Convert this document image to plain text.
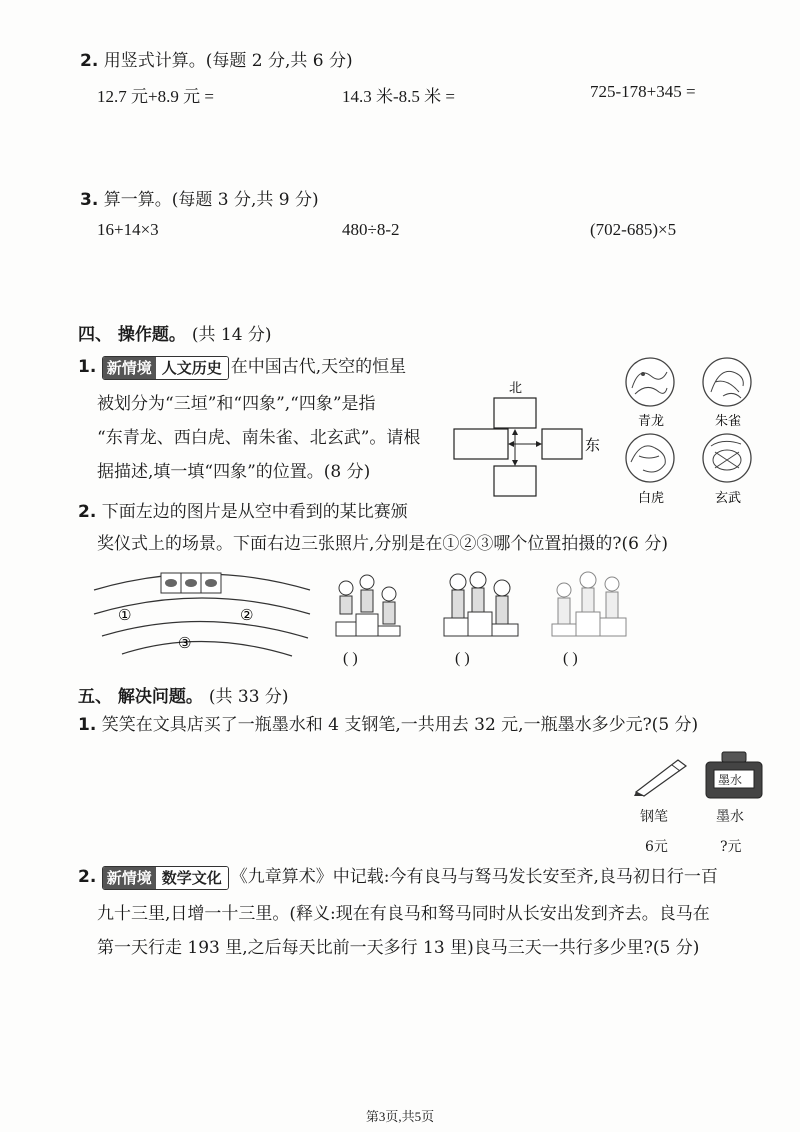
2. 用竖式计算。(每题 2 分,共 6 分)
12.7 元+8.9 元 =	14.3 米-8.5 米 =	725-178+345 =
3. 算一算。(每题 3 分,共 9 分)
16+14×3	480÷8-2	(702-685)×5
四、 操作题。 (共 14 分)
1. 新情境 人文历史 在中国古代,天空的恒星
被划分为“三垣”和“四象”,“四象”是指
“东青龙、西白虎、南朱雀、北玄武”。请根
据描述,填一填“四象”的位置。(8 分)
北
东
青龙	朱雀
白虎	玄武
2. 下面左边的图片是从空中看到的某比赛颁
奖仪式上的场景。下面右边三张照片,分别是在①②③哪个位置拍摄的?(6 分)
①	②
③
( )	( )	( )
五、 解决问题。 (共 33 分)
1. 笑笑在文具店买了一瓶墨水和 4 支钢笔,一共用去 32 元,一瓶墨水多少元?(5 分)
墨水
钢笔	墨水
6元	?元
2. 新情境 数学文化 《九章算术》中记载:今有良马与驽马发长安至齐,良马初日行一百
九十三里,日增一十三里。(释义:现在有良马和驽马同时从长安出发到齐去。良马在
第一天行走 193 里,之后每天比前一天多行 13 里)良马三天一共行多少里?(5 分)
第3页,共5页
